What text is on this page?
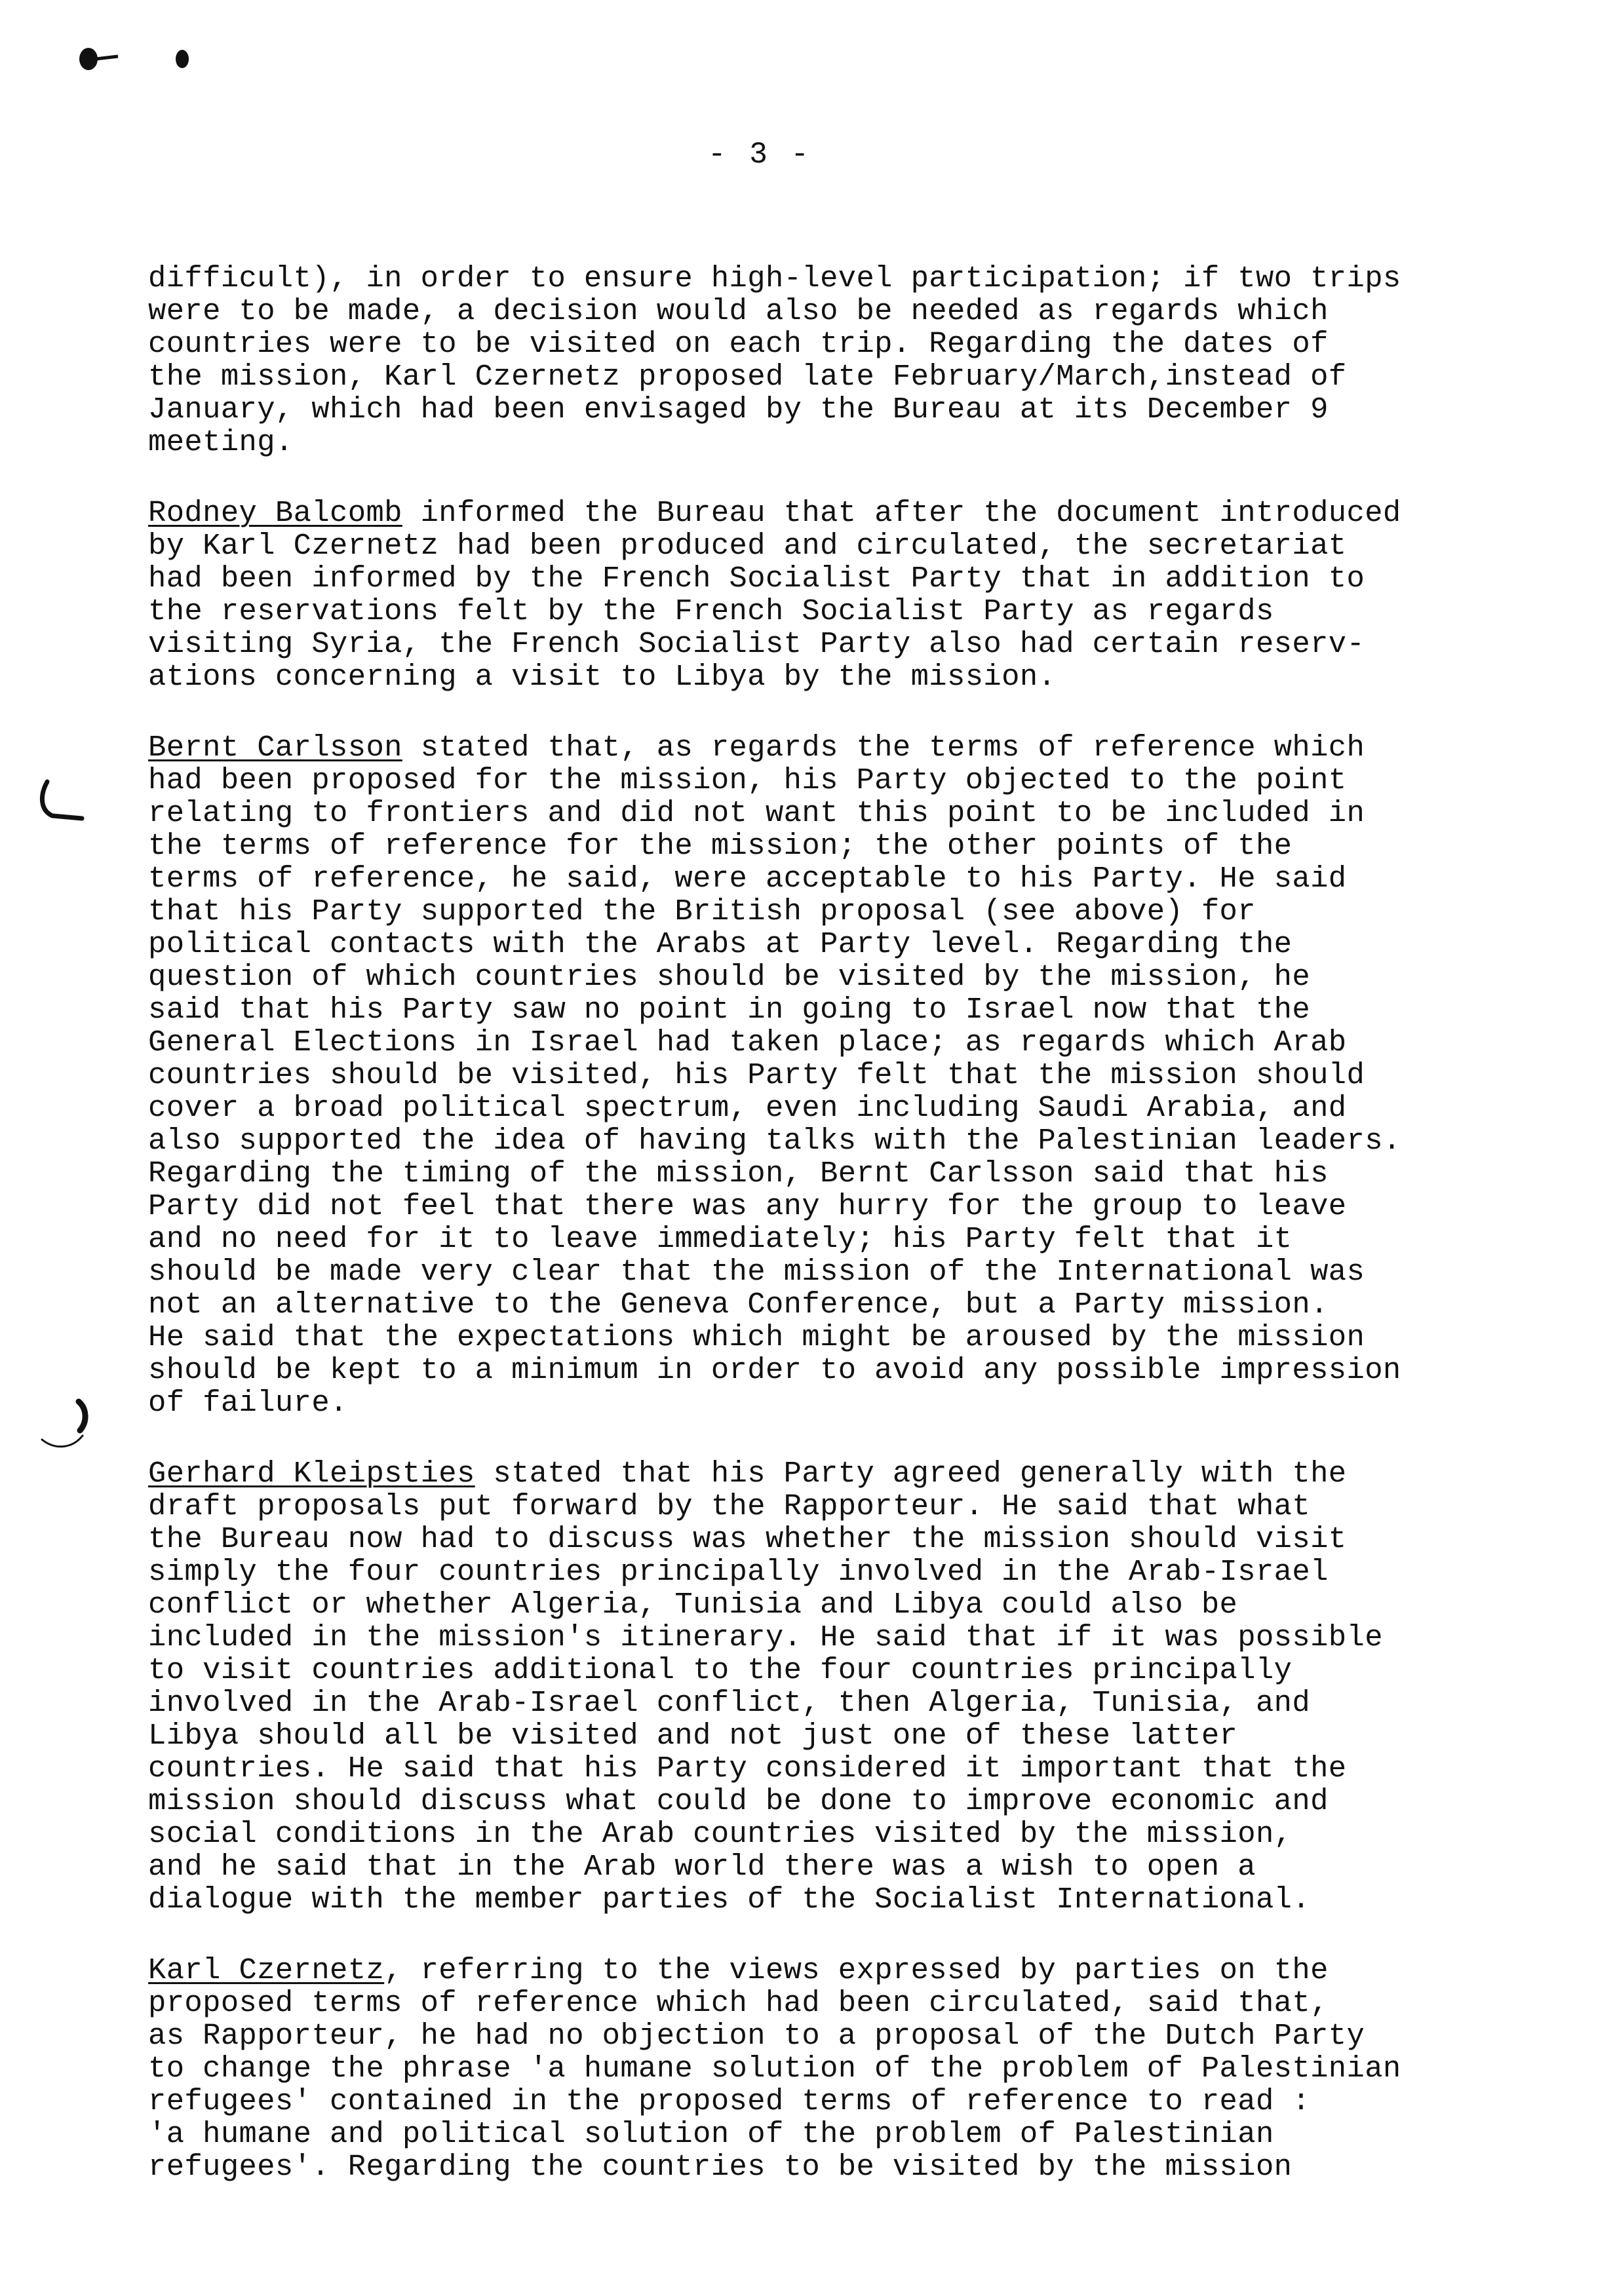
- 3 -

difficult), in order to ensure high-level participation; if two trips
were to be made, a decision would also be needed as regards which
countries were to be visited on each trip. Regarding the dates of
the mission, Karl Czernetz proposed late February/March,instead of
January, which had been envisaged by the Bureau at its December 9
meeting.

Rodney Balcomb informed the Bureau that after the document introduced
by Karl Czernetz had been produced and circulated, the secretariat
had been informed by the French Socialist Party that in addition to
the reservations felt by the French Socialist Party as regards
visiting Syria, the French Socialist Party also had certain reserv-
ations concerning a visit to Libya by the mission.

Bernt Carlsson stated that, as regards the terms of reference which
had been proposed for the mission, his Party objected to the point
relating to frontiers and did not want this point to be included in
the terms of reference for the mission; the other points of the
terms of reference, he said, were acceptable to his Party. He said
that his Party supported the British proposal (see above) for
political contacts with the Arabs at Party level. Regarding the
question of which countries should be visited by the mission, he
said that his Party saw no point in going to Israel now that the
General Elections in Israel had taken place; as regards which Arab
countries should be visited, his Party felt that the mission should
cover a broad political spectrum, even including Saudi Arabia, and
also supported the idea of having talks with the Palestinian leaders.
Regarding the timing of the mission, Bernt Carlsson said that his
Party did not feel that there was any hurry for the group to leave
and no need for it to leave immediately; his Party felt that it
should be made very clear that the mission of the International was
not an alternative to the Geneva Conference, but a Party mission.
He said that the expectations which might be aroused by the mission
should be kept to a minimum in order to avoid any possible impression
of failure.

Gerhard Kleipsties stated that his Party agreed generally with the
draft proposals put forward by the Rapporteur. He said that what
the Bureau now had to discuss was whether the mission should visit
simply the four countries principally involved in the Arab-Israel
conflict or whether Algeria, Tunisia and Libya could also be
included in the mission's itinerary. He said that if it was possible
to visit countries additional to the four countries principally
involved in the Arab-Israel conflict, then Algeria, Tunisia, and
Libya should all be visited and not just one of these latter
countries. He said that his Party considered it important that the
mission should discuss what could be done to improve economic and
social conditions in the Arab countries visited by the mission,
and he said that in the Arab world there was a wish to open a
dialogue with the member parties of the Socialist International.

Karl Czernetz, referring to the views expressed by parties on the
proposed terms of reference which had been circulated, said that,
as Rapporteur, he had no objection to a proposal of the Dutch Party
to change the phrase 'a humane solution of the problem of Palestinian
refugees' contained in the proposed terms of reference to read :
'a humane and political solution of the problem of Palestinian
refugees'. Regarding the countries to be visited by the mission
